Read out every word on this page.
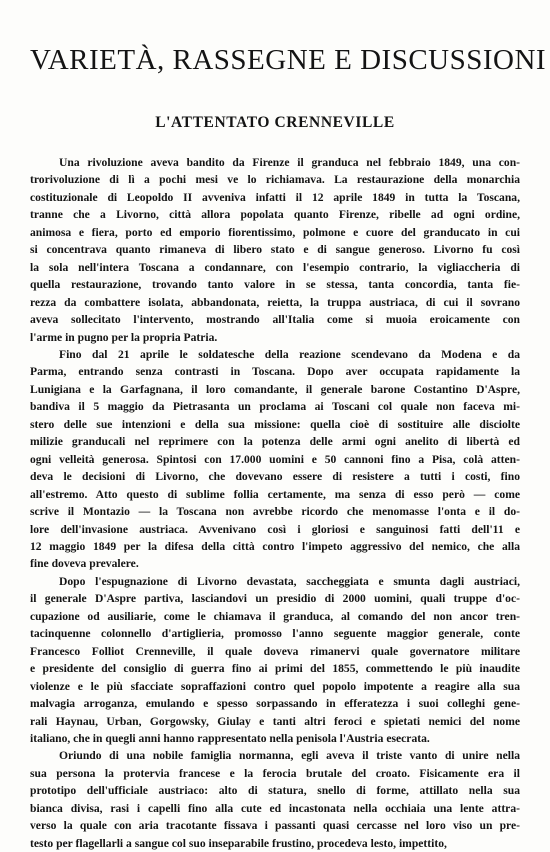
VARIETÀ, RASSEGNE E DISCUSSIONI
L'ATTENTATO CRENNEVILLE
Una rivoluzione aveva bandito da Firenze il granduca nel febbraio 1849, una con-
trorivoluzione di lì a pochi mesi ve lo richiamava. La restaurazione della monarchia
costituzionale di Leopoldo II avveniva infatti il 12 aprile 1849 in tutta la Toscana,
tranne che a Livorno, città allora popolata quanto Firenze, ribelle ad ogni ordine,
animosa e fiera, porto ed emporio fiorentissimo, polmone e cuore del granducato in cui
si concentrava quanto rimaneva di libero stato e di sangue generoso. Livorno fu così
la sola nell'intera Toscana a condannare, con l'esempio contrario, la vigliaccheria di
quella restaurazione, trovando tanto valore in se stessa, tanta concordia, tanta fie-
rezza da combattere isolata, abbandonata, reietta, la truppa austriaca, di cui il sovrano
aveva sollecitato l'intervento, mostrando all'Italia come si muoia eroicamente con
l'arme in pugno per la propria Patria.
Fino dal 21 aprile le soldatesche della reazione scendevano da Modena e da
Parma, entrando senza contrasti in Toscana. Dopo aver occupata rapidamente la
Lunigiana e la Garfagnana, il loro comandante, il generale barone Costantino D'Aspre,
bandiva il 5 maggio da Pietrasanta un proclama ai Toscani col quale non faceva mi-
stero delle sue intenzioni e della sua missione: quella cioè di sostituire alle disciolte
milizie granducali nel reprimere con la potenza delle armi ogni anelito di libertà ed
ogni velleità generosa. Spintosi con 17.000 uomini e 50 cannoni fino a Pisa, colà atten-
deva le decisioni di Livorno, che dovevano essere di resistere a tutti i costi, fino
all'estremo. Atto questo di sublime follia certamente, ma senza di esso però — come
scrive il Montazio — la Toscana non avrebbe ricordo che menomasse l'onta e il do-
lore dell'invasione austriaca. Avvenivano così i gloriosi e sanguinosi fatti dell'11 e
12 maggio 1849 per la difesa della città contro l'impeto aggressivo del nemico, che alla
fine doveva prevalere.
Dopo l'espugnazione di Livorno devastata, saccheggiata e smunta dagli austriaci,
il generale D'Aspre partiva, lasciandovi un presidio di 2000 uomini, quali truppe d'oc-
cupazione od ausiliarie, come le chiamava il granduca, al comando del non ancor tren-
tacinquenne colonnello d'artiglieria, promosso l'anno seguente maggior generale, conte
Francesco Folliot Crenneville, il quale doveva rimanervi quale governatore militare
e presidente del consiglio di guerra fino ai primi del 1855, commettendo le più inaudite
violenze e le più sfacciate sopraffazioni contro quel popolo impotente a reagire alla sua
malvagia arroganza, emulando e spesso sorpassando in efferatezza i suoi colleghi gene-
rali Haynau, Urban, Gorgowsky, Giulay e tanti altri feroci e spietati nemici del nome
italiano, che in quegli anni hanno rappresentato nella penisola l'Austria esecrata.
Oriundo di una nobile famiglia normanna, egli aveva il triste vanto di unire nella
sua persona la protervia francese e la ferocia brutale del croato. Fisicamente era il
prototipo dell'ufficiale austriaco: alto di statura, snello di forme, attillato nella sua
bianca divisa, rasi i capelli fino alla cute ed incastonata nella occhiaia una lente attra-
verso la quale con aria tracotante fissava i passanti quasi cercasse nel loro viso un pre-
testo per flagellarli a sangue col suo inseparabile frustino, procedeva lesto, impettito,
